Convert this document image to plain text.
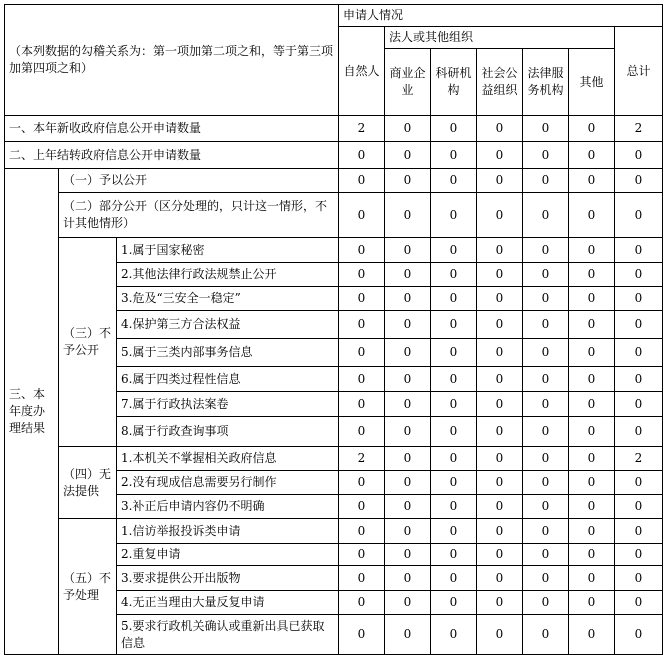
（本列数据的勾稽关系为：第一项加第二项之和，等于第三项加第四项之和）			申请人情况						
			自然人	法人或其他组织					总计
				商业企业	科研机构	社会公益组织	法律服务机构	其他	
一、本年新收政府信息公开申请数量			2	0	0	0	0	0	2
二、上年结转政府信息公开申请数量			0	0	0	0	0	0	0
三、本年度办理结果	（一）予以公开		0	0	0	0	0	0	0
	（二）部分公开（区分处理的，只计这一情形，不计其他情形）		0	0	0	0	0	0	0
	（三）不予公开	1.属于国家秘密	0	0	0	0	0	0	0
		2.其他法律行政法规禁止公开	0	0	0	0	0	0	0
		3.危及“三安全一稳定”	0	0	0	0	0	0	0
		4.保护第三方合法权益	0	0	0	0	0	0	0
		5.属于三类内部事务信息	0	0	0	0	0	0	0
		6.属于四类过程性信息	0	0	0	0	0	0	0
		7.属于行政执法案卷	0	0	0	0	0	0	0
		8.属于行政查询事项	0	0	0	0	0	0	0
	（四）无法提供	1.本机关不掌握相关政府信息	2	0	0	0	0	0	2
		2.没有现成信息需要另行制作	0	0	0	0	0	0	0
		3.补正后申请内容仍不明确	0	0	0	0	0	0	0
	（五）不予处理	1.信访举报投诉类申请	0	0	0	0	0	0	0
		2.重复申请	0	0	0	0	0	0	0
		3.要求提供公开出版物	0	0	0	0	0	0	0
		4.无正当理由大量反复申请	0	0	0	0	0	0	0
		5.要求行政机关确认或重新出具已获取信息	0	0	0	0	0	0	0
